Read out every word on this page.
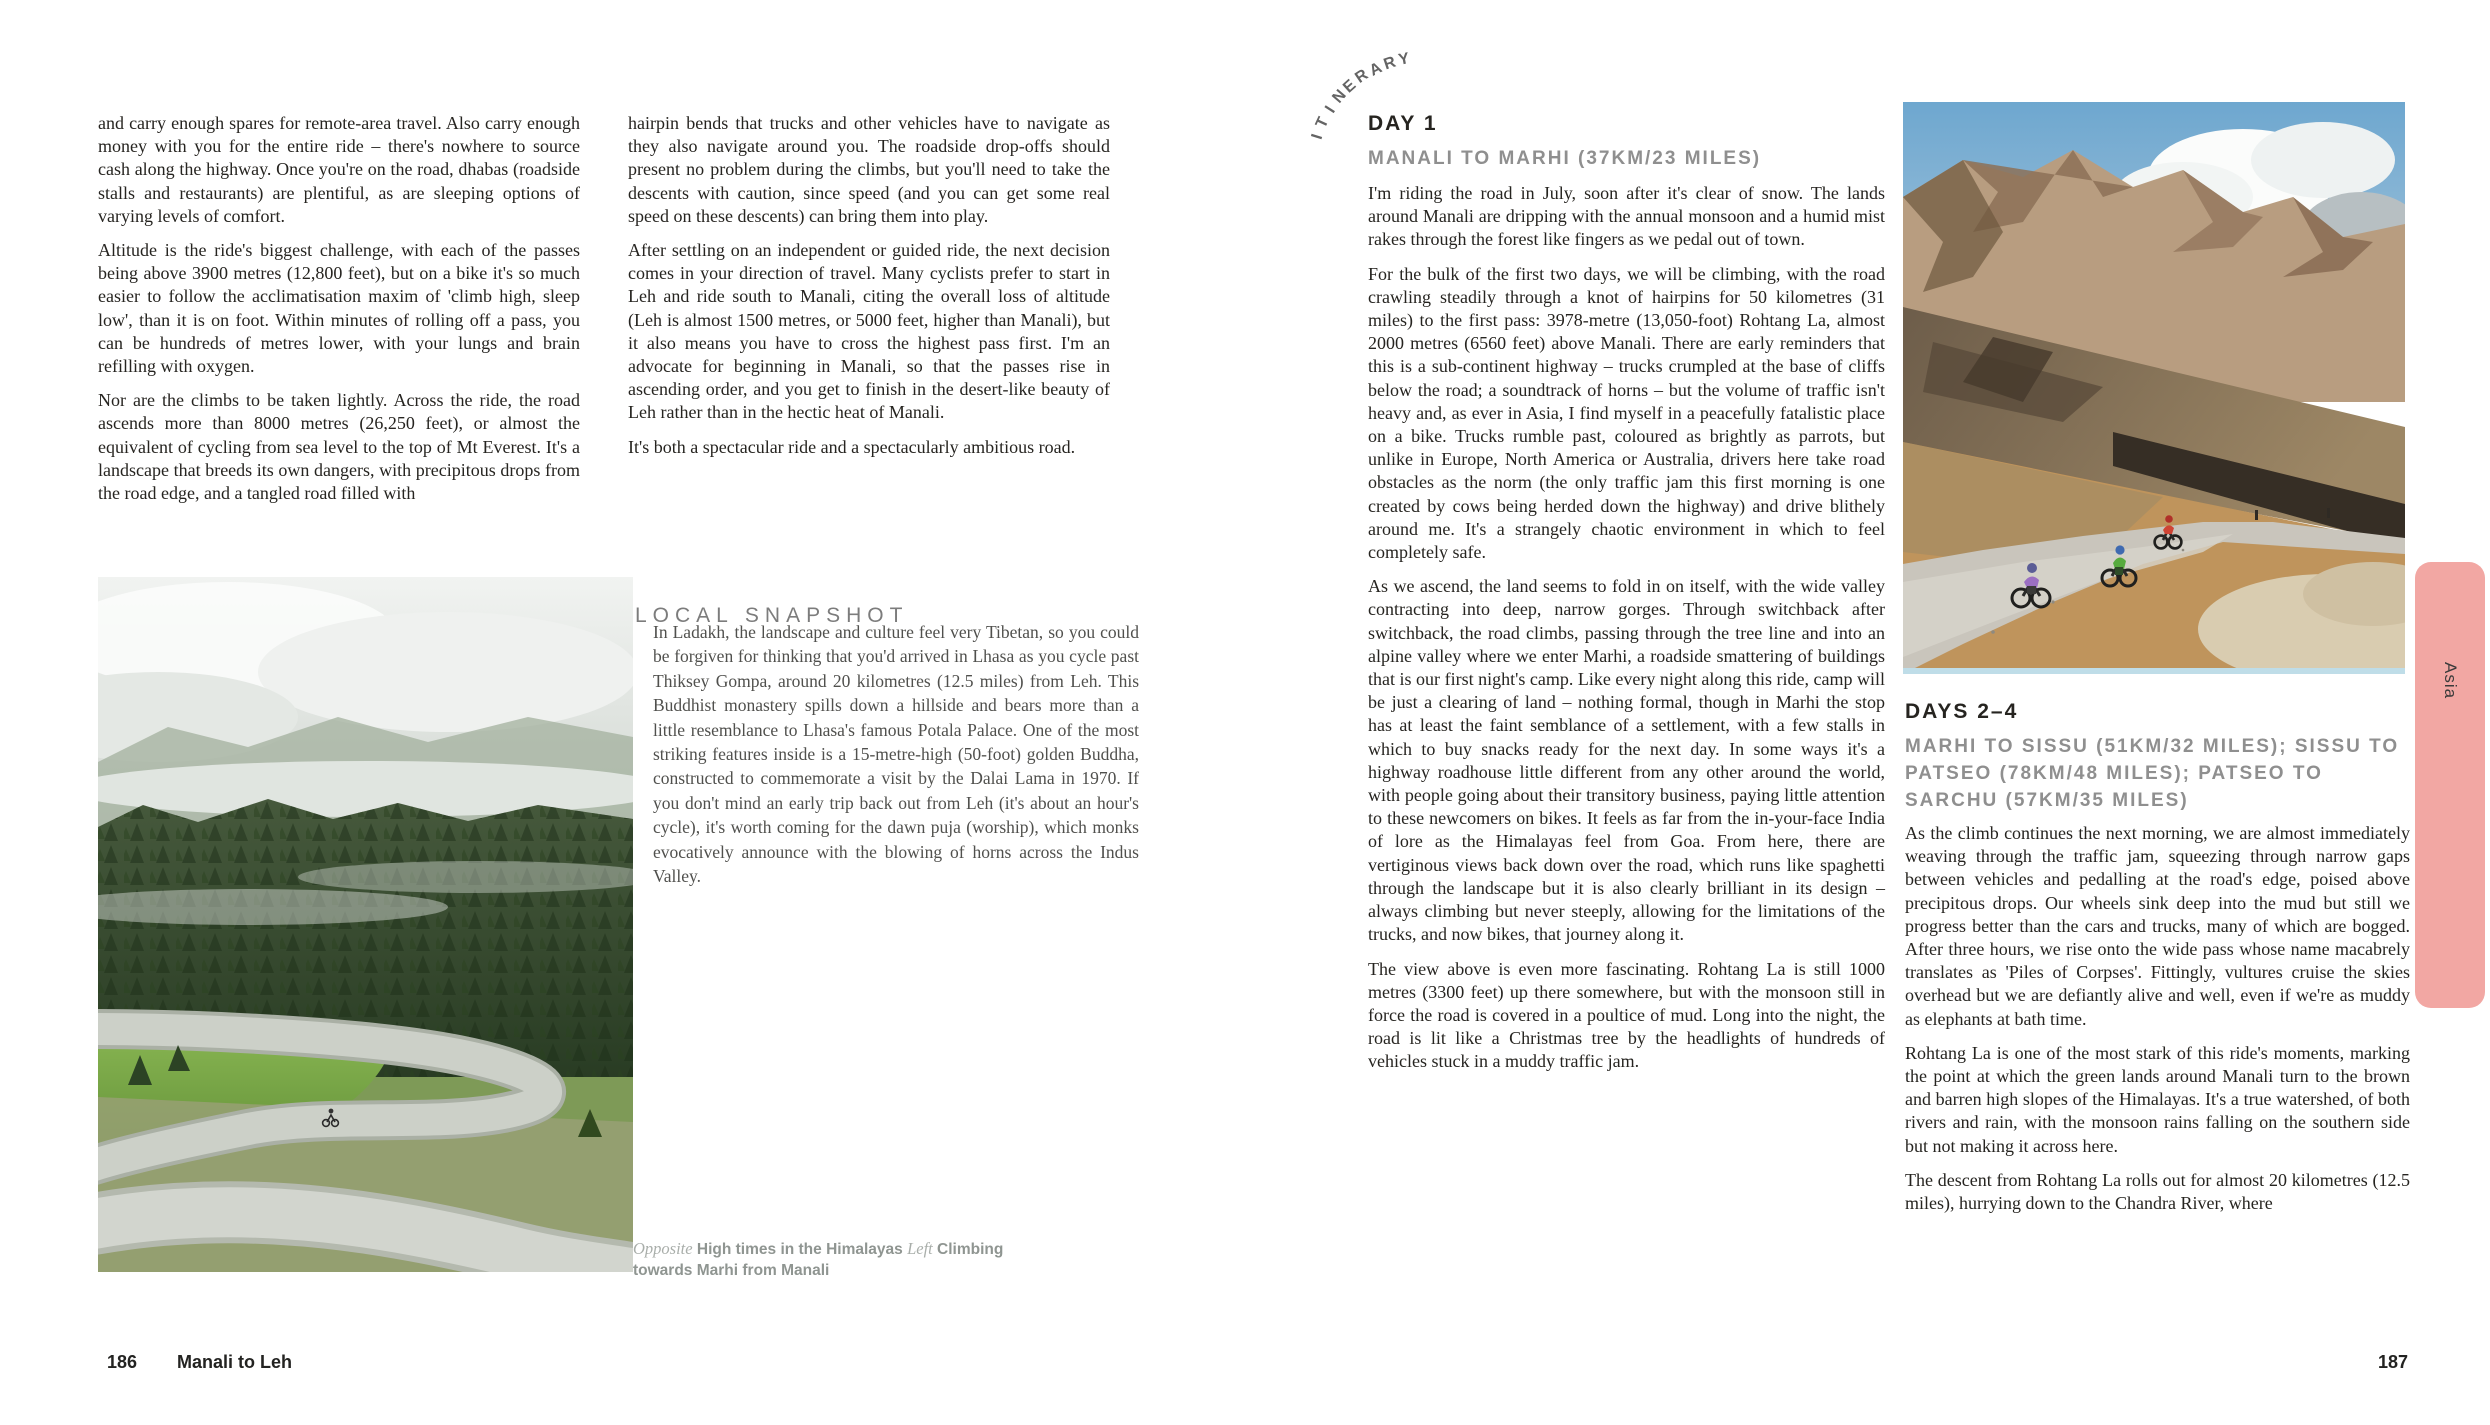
and carry enough spares for remote-area travel. Also carry enough money with you for the entire ride – there's nowhere to source cash along the highway. Once you're on the road, dhabas (roadside stalls and restaurants) are plentiful, as are sleeping options of varying levels of comfort.

Altitude is the ride's biggest challenge, with each of the passes being above 3900 metres (12,800 feet), but on a bike it's so much easier to follow the acclimatisation maxim of 'climb high, sleep low', than it is on foot. Within minutes of rolling off a pass, you can be hundreds of metres lower, with your lungs and brain refilling with oxygen.

Nor are the climbs to be taken lightly. Across the ride, the road ascends more than 8000 metres (26,250 feet), or almost the equivalent of cycling from sea level to the top of Mt Everest. It's a landscape that breeds its own dangers, with precipitous drops from the road edge, and a tangled road filled with

hairpin bends that trucks and other vehicles have to navigate as they also navigate around you. The roadside drop-offs should present no problem during the climbs, but you'll need to take the descents with caution, since speed (and you can get some real speed on these descents) can bring them into play.

After settling on an independent or guided ride, the next decision comes in your direction of travel. Many cyclists prefer to start in Leh and ride south to Manali, citing the overall loss of altitude (Leh is almost 1500 metres, or 5000 feet, higher than Manali), but it also means you have to cross the highest pass first. I'm an advocate for beginning in Manali, so that the passes rise in ascending order, and you get to finish in the desert-like beauty of Leh rather than in the hectic heat of Manali.

It's both a spectacular ride and a spectacularly ambitious road.

LOCAL SNAPSHOT

In Ladakh, the landscape and culture feel very Tibetan, so you could be forgiven for thinking that you'd arrived in Lhasa as you cycle past Thiksey Gompa, around 20 kilometres (12.5 miles) from Leh. This Buddhist monastery spills down a hillside and bears more than a little resemblance to Lhasa's famous Potala Palace. One of the most striking features inside is a 15-metre-high (50-foot) golden Buddha, constructed to commemorate a visit by the Dalai Lama in 1970. If you don't mind an early trip back out from Leh (it's about an hour's cycle), it's worth coming for the dawn puja (worship), which monks evocatively announce with the blowing of horns across the Indus Valley.

Opposite High times in the Himalayas Left Climbing towards Marhi from Manali

186 Manali to Leh
I
T
I
N
E
R
A
R Y
DAY 1
MANALI TO MARHI (37KM/23 MILES)

I'm riding the road in July, soon after it's clear of snow. The lands around Manali are dripping with the annual monsoon and a humid mist rakes through the forest like fingers as we pedal out of town.

For the bulk of the first two days, we will be climbing, with the road crawling steadily through a knot of hairpins for 50 kilometres (31 miles) to the first pass: 3978-metre (13,050-foot) Rohtang La, almost 2000 metres (6560 feet) above Manali. There are early reminders that this is a sub-continent highway – trucks crumpled at the base of cliffs below the road; a soundtrack of horns – but the volume of traffic isn't heavy and, as ever in Asia, I find myself in a peacefully fatalistic place on a bike. Trucks rumble past, coloured as brightly as parrots, but unlike in Europe, North America or Australia, drivers here take road obstacles as the norm (the only traffic jam this first morning is one created by cows being herded down the highway) and drive blithely around me. It's a strangely chaotic environment in which to feel completely safe.

As we ascend, the land seems to fold in on itself, with the wide valley contracting into deep, narrow gorges. Through switchback after switchback, the road climbs, passing through the tree line and into an alpine valley where we enter Marhi, a roadside smattering of buildings that is our first night's camp. Like every night along this ride, camp will be just a clearing of land – nothing formal, though in Marhi the stop has at least the faint semblance of a settlement, with a few stalls in which to buy snacks ready for the next day. In some ways it's a highway roadhouse little different from any other around the world, with people going about their transitory business, paying little attention to these newcomers on bikes. It feels as far from the in-your-face India of lore as the Himalayas feel from Goa. From here, there are vertiginous views back down over the road, which runs like spaghetti through the landscape but it is also clearly brilliant in its design – always climbing but never steeply, allowing for the limitations of the trucks, and now bikes, that journey along it.

The view above is even more fascinating. Rohtang La is still 1000 metres (3300 feet) up there somewhere, but with the monsoon still in force the road is covered in a poultice of mud. Long into the night, the road is lit like a Christmas tree by the headlights of hundreds of vehicles stuck in a muddy traffic jam.

DAYS 2–4
MARHI TO SISSU (51KM/32 MILES); SISSU TO PATSEO (78KM/48 MILES); PATSEO TO SARCHU (57KM/35 MILES)

As the climb continues the next morning, we are almost immediately weaving through the traffic jam, squeezing through narrow gaps between vehicles and pedalling at the road's edge, poised above precipitous drops. Our wheels sink deep into the mud but still we progress better than the cars and trucks, many of which are bogged. After three hours, we rise onto the wide pass whose name macabrely translates as 'Piles of Corpses'. Fittingly, vultures cruise the skies overhead but we are defiantly alive and well, even if we're as muddy as elephants at bath time.

Rohtang La is one of the most stark of this ride's moments, marking the point at which the green lands around Manali turn to the brown and barren high slopes of the Himalayas. It's a true watershed, of both rivers and rain, with the monsoon rains falling on the southern side but not making it across here.

The descent from Rohtang La rolls out for almost 20 kilometres (12.5 miles), hurrying down to the Chandra River, where

187
Asia
